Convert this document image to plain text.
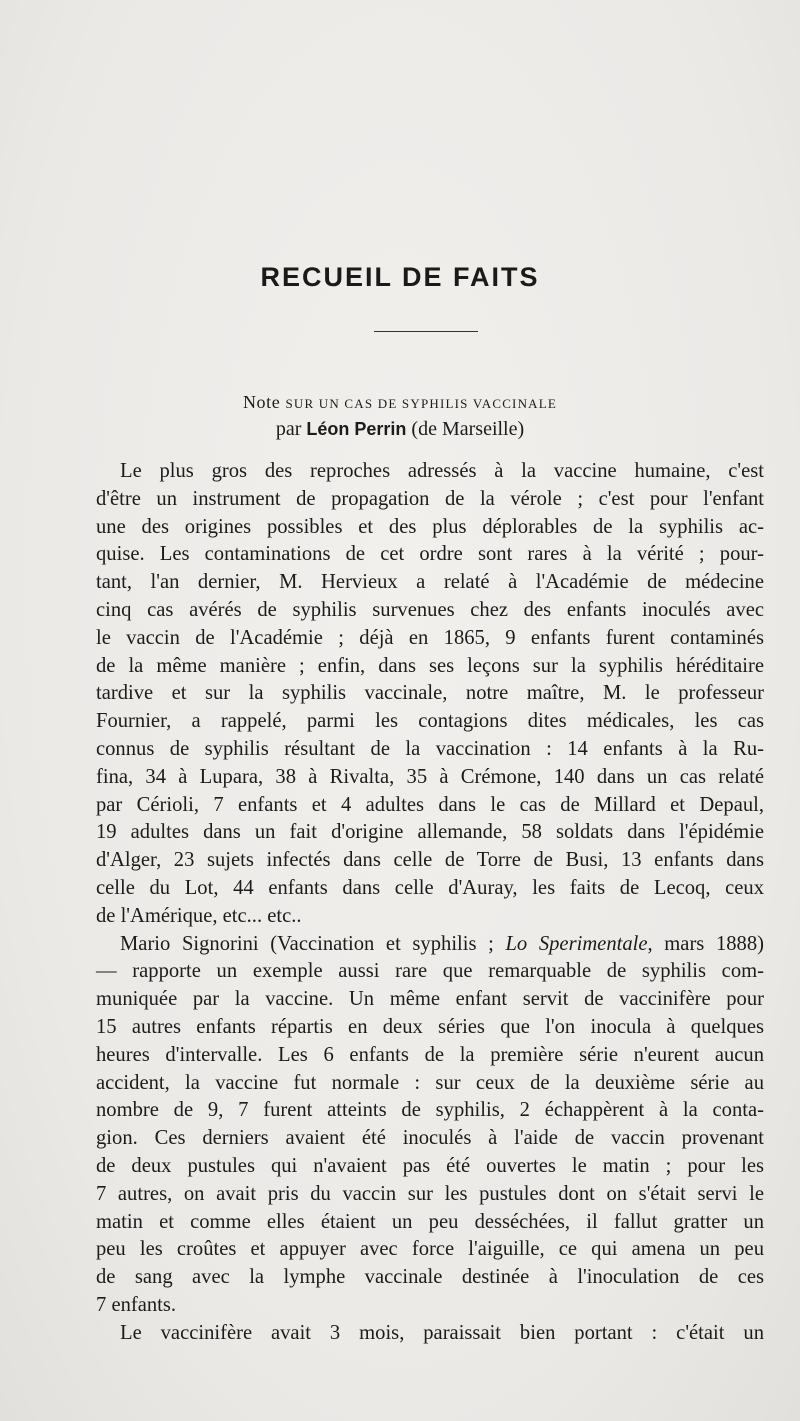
RECUEIL DE FAITS
Note SUR UN CAS DE SYPHILIS VACCINALE
par Léon Perrin (de Marseille)
Le plus gros des reproches adressés à la vaccine humaine, c'est
d'être un instrument de propagation de la vérole ; c'est pour l'enfant
une des origines possibles et des plus déplorables de la syphilis ac-
quise. Les contaminations de cet ordre sont rares à la vérité ; pour-
tant, l'an dernier, M. Hervieux a relaté à l'Académie de médecine
cinq cas avérés de syphilis survenues chez des enfants inoculés avec
le vaccin de l'Académie ; déjà en 1865, 9 enfants furent contaminés
de la même manière ; enfin, dans ses leçons sur la syphilis héréditaire
tardive et sur la syphilis vaccinale, notre maître, M. le professeur
Fournier, a rappelé, parmi les contagions dites médicales, les cas
connus de syphilis résultant de la vaccination : 14 enfants à la Ru-
fina, 34 à Lupara, 38 à Rivalta, 35 à Crémone, 140 dans un cas relaté
par Cérioli, 7 enfants et 4 adultes dans le cas de Millard et Depaul,
19 adultes dans un fait d'origine allemande, 58 soldats dans l'épidémie
d'Alger, 23 sujets infectés dans celle de Torre de Busi, 13 enfants dans
celle du Lot, 44 enfants dans celle d'Auray, les faits de Lecoq, ceux
de l'Amérique, etc... etc..
Mario Signorini (Vaccination et syphilis ; Lo Sperimentale, mars 1888)
— rapporte un exemple aussi rare que remarquable de syphilis com-
muniquée par la vaccine. Un même enfant servit de vaccinifère pour
15 autres enfants répartis en deux séries que l'on inocula à quelques
heures d'intervalle. Les 6 enfants de la première série n'eurent aucun
accident, la vaccine fut normale : sur ceux de la deuxième série au
nombre de 9, 7 furent atteints de syphilis, 2 échappèrent à la conta-
gion. Ces derniers avaient été inoculés à l'aide de vaccin provenant
de deux pustules qui n'avaient pas été ouvertes le matin ; pour les
7 autres, on avait pris du vaccin sur les pustules dont on s'était servi le
matin et comme elles étaient un peu desséchées, il fallut gratter un
peu les croûtes et appuyer avec force l'aiguille, ce qui amena un peu
de sang avec la lymphe vaccinale destinée à l'inoculation de ces
7 enfants.
Le vaccinifère avait 3 mois, paraissait bien portant : c'était un
